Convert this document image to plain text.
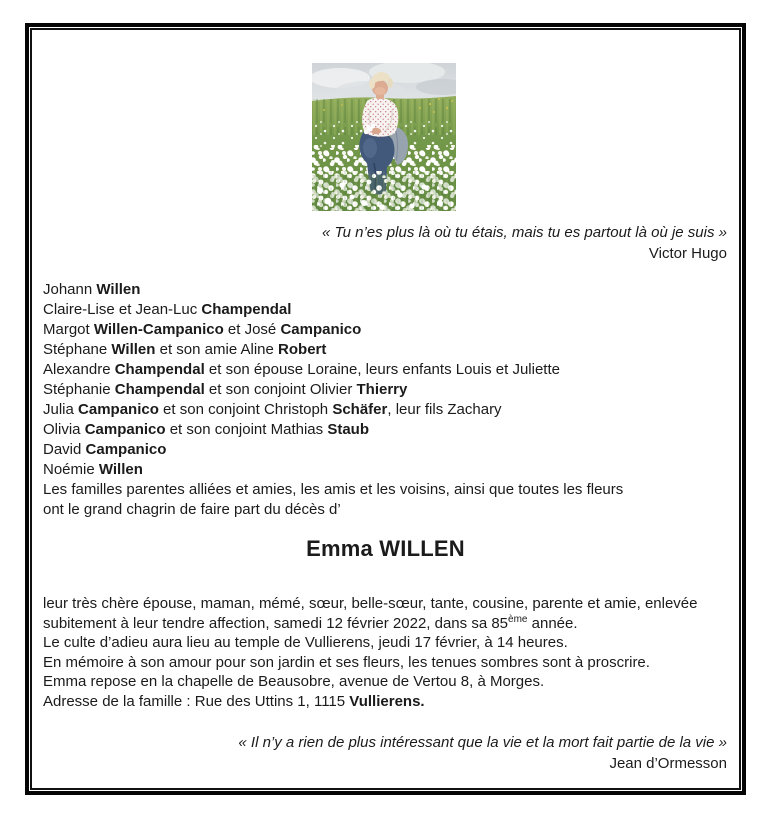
« Tu n’es plus là où tu étais, mais tu es partout là où je suis »
Victor Hugo
Johann Willen
Claire-Lise et Jean-Luc Champendal
Margot Willen-Campanico et José Campanico
Stéphane Willen et son amie Aline Robert
Alexandre Champendal et son épouse Loraine, leurs enfants Louis et Juliette
Stéphanie Champendal et son conjoint Olivier Thierry
Julia Campanico et son conjoint Christoph Schäfer, leur fils Zachary
Olivia Campanico et son conjoint Mathias Staub
David Campanico
Noémie Willen
Les familles parentes alliées et amies, les amis et les voisins, ainsi que toutes les fleurs
ont le grand chagrin de faire part du décès d’
Emma WILLEN
leur très chère épouse, maman, mémé, sœur, belle-sœur, tante, cousine, parente et amie, enlevée
subitement à leur tendre affection, samedi 12 février 2022, dans sa 85ème année.
Le culte d’adieu aura lieu au temple de Vullierens, jeudi 17 février, à 14 heures.
En mémoire à son amour pour son jardin et ses fleurs, les tenues sombres sont à proscrire.
Emma repose en la chapelle de Beausobre, avenue de Vertou 8, à Morges.
Adresse de la famille : Rue des Uttins 1, 1115 Vullierens.
« Il n’y a rien de plus intéressant que la vie et la mort fait partie de la vie »
Jean d’Ormesson
